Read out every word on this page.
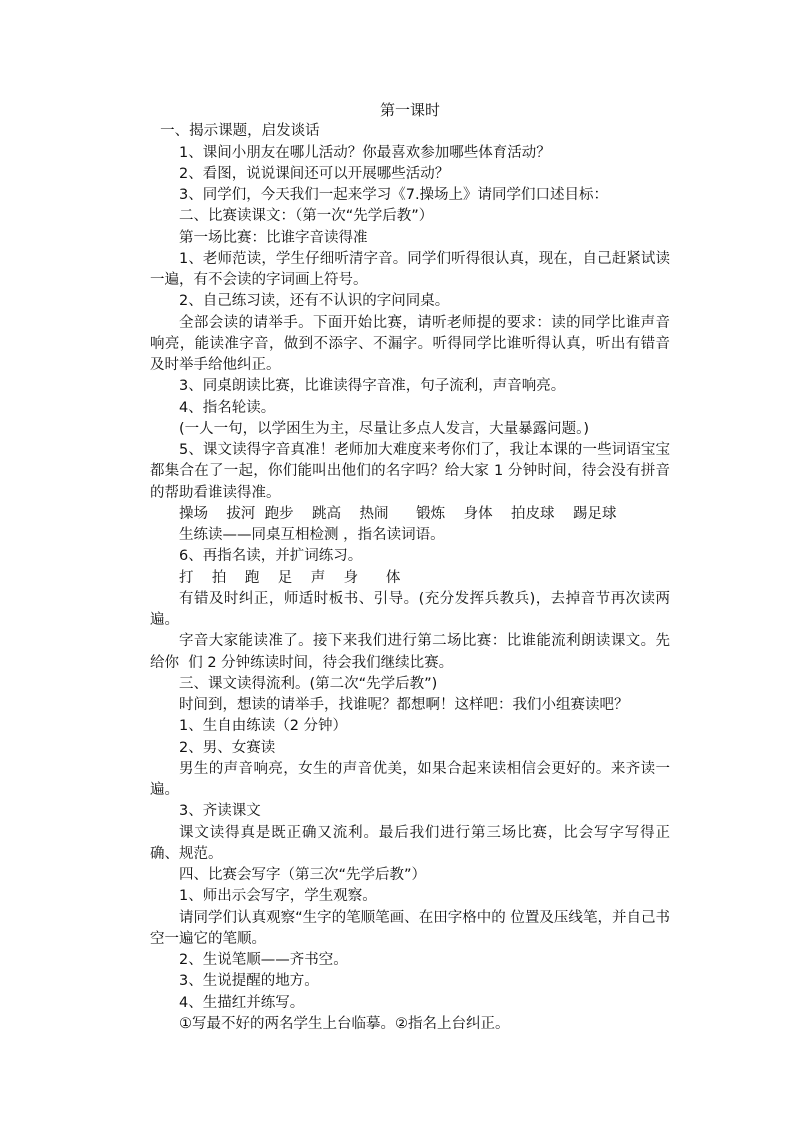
第一课时
一、揭示课题，启发谈话
1、课间小朋友在哪儿活动？你最喜欢参加哪些体育活动？
2、看图，说说课间还可以开展哪些活动？
3、同学们，今天我们一起来学习《7.操场上》请同学们口述目标：
二、比赛读课文：（第一次“先学后教”）
第一场比赛：比谁字音读得准
1、老师范读，学生仔细听清字音。同学们听得很认真，现在，自己赶紧试读一遍，有不会读的字词画上符号。
2、自己练习读，还有不认识的字问同桌。
全部会读的请举手。下面开始比赛，请听老师提的要求：读的同学比谁声音响亮，能读准字音，做到不添字、不漏字。听得同学比谁听得认真，听出有错音及时举手给他纠正。
3、同桌朗读比赛，比谁读得字音准，句子流利，声音响亮。
4、指名轮读。
(一人一句，以学困生为主，尽量让多点人发言，大量暴露问题。)
5、课文读得字音真准！老师加大难度来考你们了，我让本课的一些词语宝宝都集合在了一起，你们能叫出他们的名字吗？给大家 1 分钟时间，待会没有拼音的帮助看谁读得准。
操场    拔河  跑步    跳高    热闹      锻炼    身体    拍皮球    踢足球
生练读——同桌互相检测 ，指名读词语。
6、再指名读，并扩词练习。
打    拍    跑    足    声    身      体
有错及时纠正，师适时板书、引导。(充分发挥兵教兵)，去掉音节再次读两遍。
字音大家能读准了。接下来我们进行第二场比赛：比谁能流利朗读课文。先给你  们 2 分钟练读时间，待会我们继续比赛。
三、课文读得流利。(第二次“先学后教”)
时间到，想读的请举手，找谁呢？都想啊！这样吧：我们小组赛读吧？
1、生自由练读（2 分钟）
2、男、女赛读
男生的声音响亮，女生的声音优美，如果合起来读相信会更好的。来齐读一遍。
3、齐读课文
课文读得真是既正确又流利。最后我们进行第三场比赛，比会写字写得正确、规范。
四、比赛会写字（第三次“先学后教”）
1、师出示会写字，学生观察。
请同学们认真观察“生字的笔顺笔画、在田字格中的 位置及压线笔，并自己书空一遍它的笔顺。
2、生说笔顺——齐书空。
3、生说提醒的地方。
4、生描红并练写。
①写最不好的两名学生上台临摹。②指名上台纠正。
